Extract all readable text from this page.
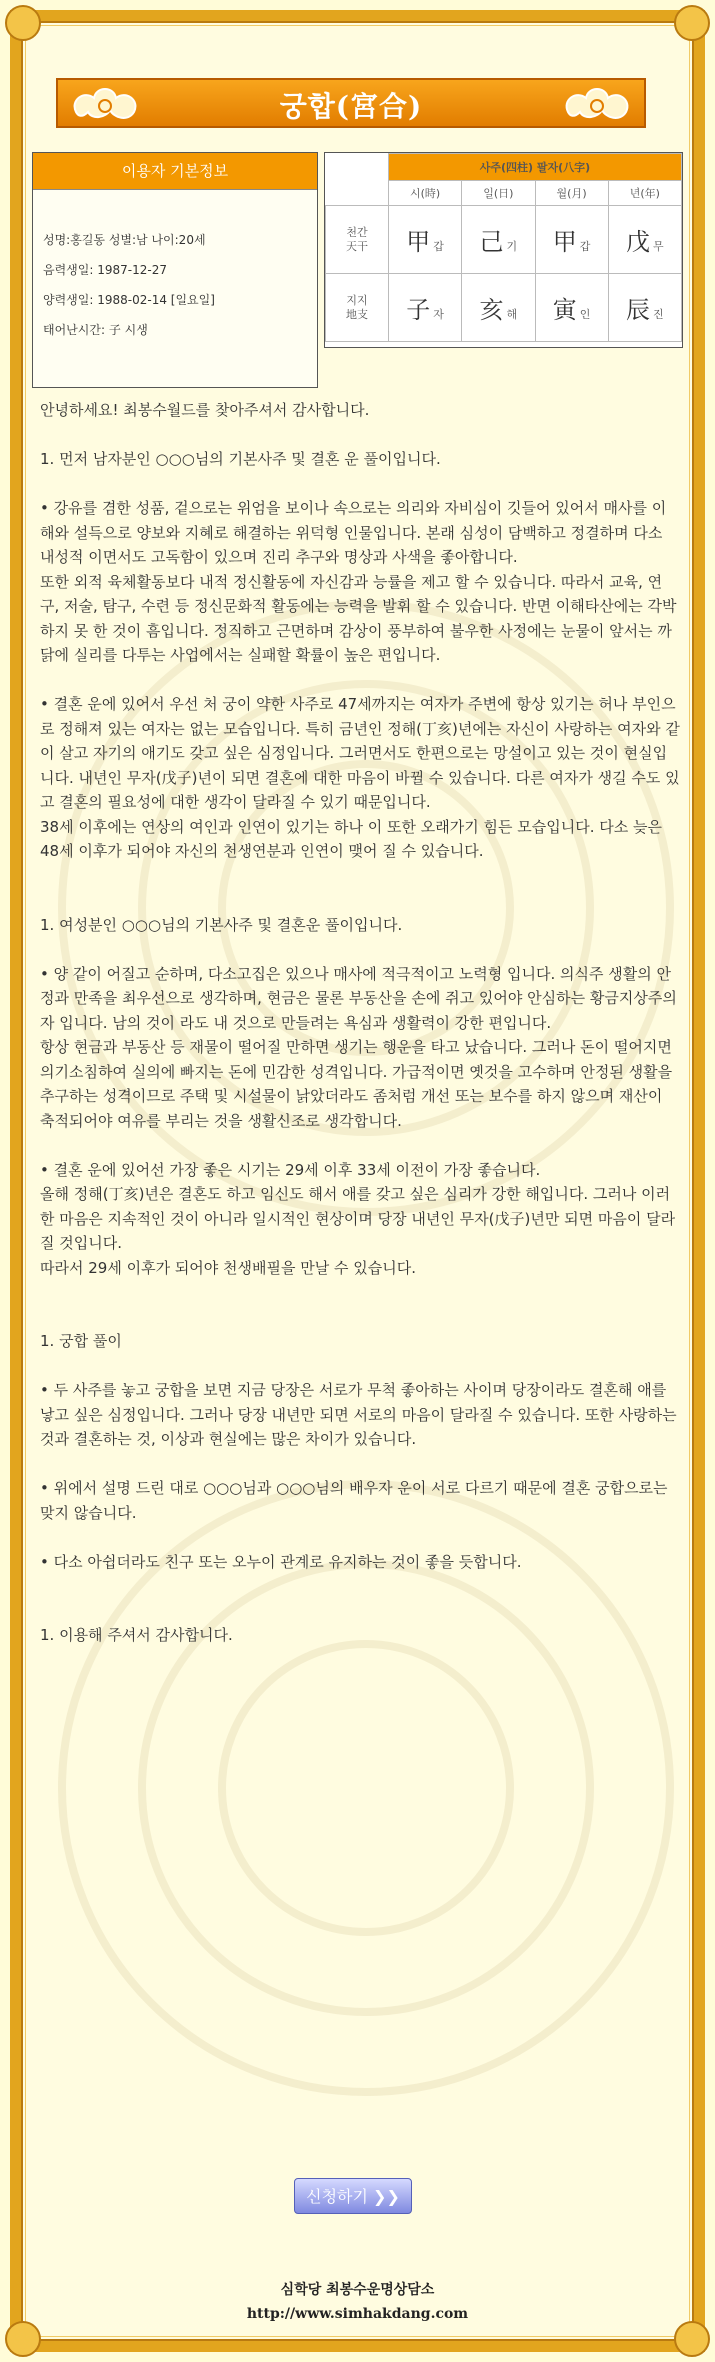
궁합(宮合)
이용자 기본정보
성명:홍길동 성별:남 나이:20세
음력생일: 1987-12-27
양력생일: 1988-02-14 [일요일]
태어난시간: 子 시생
	사주(四柱) 팔자(八字)			
	시(時)	일(日)	월(月)	년(年)
천간
天干	甲 갑	己 기	甲 갑	戊 무
지지
地支	子 자	亥 해	寅 인	辰 진

안녕하세요! 최봉수월드를 찾아주셔서 감사합니다.

1. 먼저 남자분인 ○○○님의 기본사주 및 결혼 운 풀이입니다.

• 강유를 겸한 성품, 겉으로는 위엄을 보이나 속으로는 의리와 자비심이 깃들어 있어서 매사를 이해와 설득으로 양보와 지혜로 해결하는 위덕형 인물입니다. 본래 심성이 담백하고 정결하며 다소 내성적 이면서도 고독함이 있으며 진리 추구와 명상과 사색을 좋아합니다.

또한 외적 육체활동보다 내적 정신활동에 자신감과 능률을 제고 할 수 있습니다. 따라서 교육, 연구, 저술, 탐구, 수련 등 정신문화적 활동에는 능력을 발휘 할 수 있습니다. 반면 이해타산에는 각박하지 못 한 것이 흠입니다. 정직하고 근면하며 감상이 풍부하여 불우한 사정에는 눈물이 앞서는 까닭에 실리를 다투는 사업에서는 실패할 확률이 높은 편입니다.

• 결혼 운에 있어서 우선 처 궁이 약한 사주로 47세까지는 여자가 주변에 항상 있기는 허나 부인으로 정해져 있는 여자는 없는 모습입니다. 특히 금년인 정해(丁亥)년에는 자신이 사랑하는 여자와 같이 살고 자기의 애기도 갖고 싶은 심정입니다. 그러면서도 한편으로는 망설이고 있는 것이 현실입니다. 내년인 무자(戊子)년이 되면 결혼에 대한 마음이 바뀔 수 있습니다. 다른 여자가 생길 수도 있고 결혼의 필요성에 대한 생각이 달라질 수 있기 때문입니다.

38세 이후에는 연상의 여인과 인연이 있기는 하나 이 또한 오래가기 힘든 모습입니다. 다소 늦은 48세 이후가 되어야 자신의 천생연분과 인연이 맺어 질 수 있습니다.

1. 여성분인 ○○○님의 기본사주 및 결혼운 풀이입니다.

• 양 같이 어질고 순하며, 다소고집은 있으나 매사에 적극적이고 노력형 입니다. 의식주 생활의 안정과 만족을 최우선으로 생각하며, 현금은 물론 부동산을 손에 쥐고 있어야 안심하는 황금지상주의자 입니다. 남의 것이 라도 내 것으로 만들려는 욕심과 생활력이 강한 편입니다.

항상 현금과 부동산 등 재물이 떨어질 만하면 생기는 행운을 타고 났습니다. 그러나 돈이 떨어지면 의기소침하여 실의에 빠지는 돈에 민감한 성격입니다. 가급적이면 옛것을 고수하며 안정된 생활을 추구하는 성격이므로 주택 및 시설물이 낡았더라도 좀처럼 개선 또는 보수를 하지 않으며 재산이 축적되어야 여유를 부리는 것을 생활신조로 생각합니다.

• 결혼 운에 있어선 가장 좋은 시기는 29세 이후 33세 이전이 가장 좋습니다.

올해 정해(丁亥)년은 결혼도 하고 임신도 해서 애를 갖고 싶은 심리가 강한 해입니다. 그러나 이러한 마음은 지속적인 것이 아니라 일시적인 현상이며 당장 내년인 무자(戊子)년만 되면 마음이 달라질 것입니다.

따라서 29세 이후가 되어야 천생배필을 만날 수 있습니다.

1. 궁합 풀이

• 두 사주를 놓고 궁합을 보면 지금 당장은 서로가 무척 좋아하는 사이며 당장이라도 결혼해 애를 낳고 싶은 심정입니다. 그러나 당장 내년만 되면 서로의 마음이 달라질 수 있습니다. 또한 사랑하는 것과 결혼하는 것, 이상과 현실에는 많은 차이가 있습니다.

• 위에서 설명 드린 대로 ○○○님과 ○○○님의 배우자 운이 서로 다르기 때문에 결혼 궁합으로는 맞지 않습니다.

• 다소 아쉽더라도 친구 또는 오누이 관계로 유지하는 것이 좋을 듯합니다.

1. 이용해 주셔서 감사합니다.

신청하기 ❯❯
심학당 최봉수운명상담소
http://www.simhakdang.com
